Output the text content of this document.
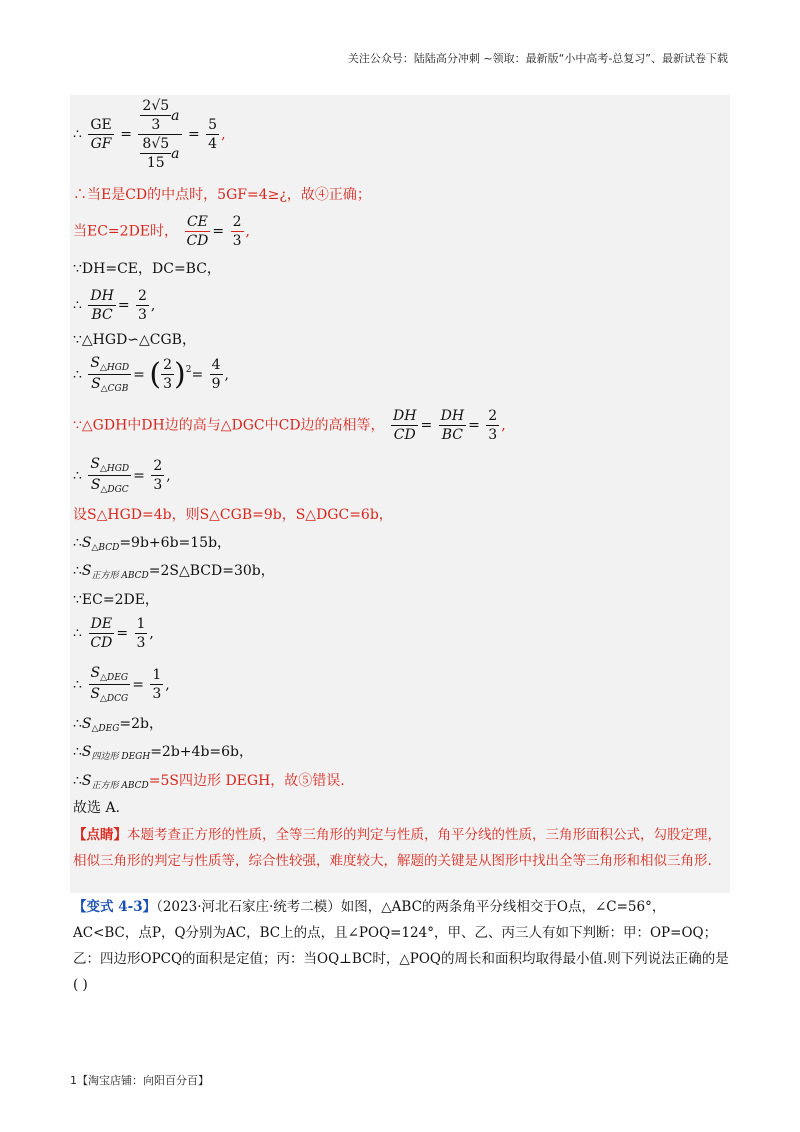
关注公众号：陆陆高分冲刺 ~领取：最新版“小中高考-总复习”、最新试卷下载
∴ $\frac{GE}{GF} = \frac{\frac{2√5}{3} a}{\frac{8√5}{15} a} = \frac{5}{4}$ ,
∴当E是CD的中点时，5GF=4≥¿，故④正确；
当EC=2DE时， $\frac{CE}{CD} = \frac{2}{3}$ ,
∵DH=CE，DC=BC，
∴ $\frac{DH}{BC} = \frac{2}{3}$ ,
∵△HGD∽△CGB，
∴ $\frac{S_{\triangle HGD}}{S_{\triangle CGB}}$ = ( $\frac{2}{3} )^2= \frac{4}{9}$ ,
∵△GDH中DH边的高与△DGC中CD边的高相等， $\frac{DH}{CD} = \frac{DH}{BC} = \frac{2}{3}$ ,
∴ $\frac{S_{\triangle HGD}}{S_{\triangle DGC}} = \frac{2}{3}$ ,
设S△HGD=4b，则S△CGB=9b，S△DGC=6b，
$\therefore S_{\triangle BCD}=9b+6b=15b$，
$\therefore S_{正方形 ABCD}=2S\triangle BCD=30b$，
∵EC=2DE，
∴ $\frac{DE}{CD} = \frac{1}{3}$ ,
∴ $\frac{S_{\triangle DEG}}{S_{\triangle DCG}} = \frac{1}{3}$ ,
$\therefore S_{\triangle DEG}=2b$，
$\therefore S_{四边形 DEGH}=2b+4b=6b$，
$\therefore S_{正方形 ABCD}=5S$四边形 DEGH，故⑤错误.
故选 A.
【点睛】本题考查正方形的性质，全等三角形的判定与性质，角平分线的性质，三角形面积公式，勾股定理，相似三角形的判定与性质等，综合性较强，难度较大，解题的关键是从图形中找出全等三角形和相似三角形.
【变式 4-3】（2023·河北石家庄·统考二模）如图，△ABC的两条角平分线相交于O点，∠C=56°，AC<BC，点P，Q分别为AC，BC上的点，且∠POQ=124°，甲、乙、丙三人有如下判断：甲：OP=OQ；乙：四边形OPCQ的面积是定值；丙：当OQ⊥BC时，△POQ的周长和面积均取得最小值.则下列说法正确的是( )
1【淘宝店铺：向阳百分百】
